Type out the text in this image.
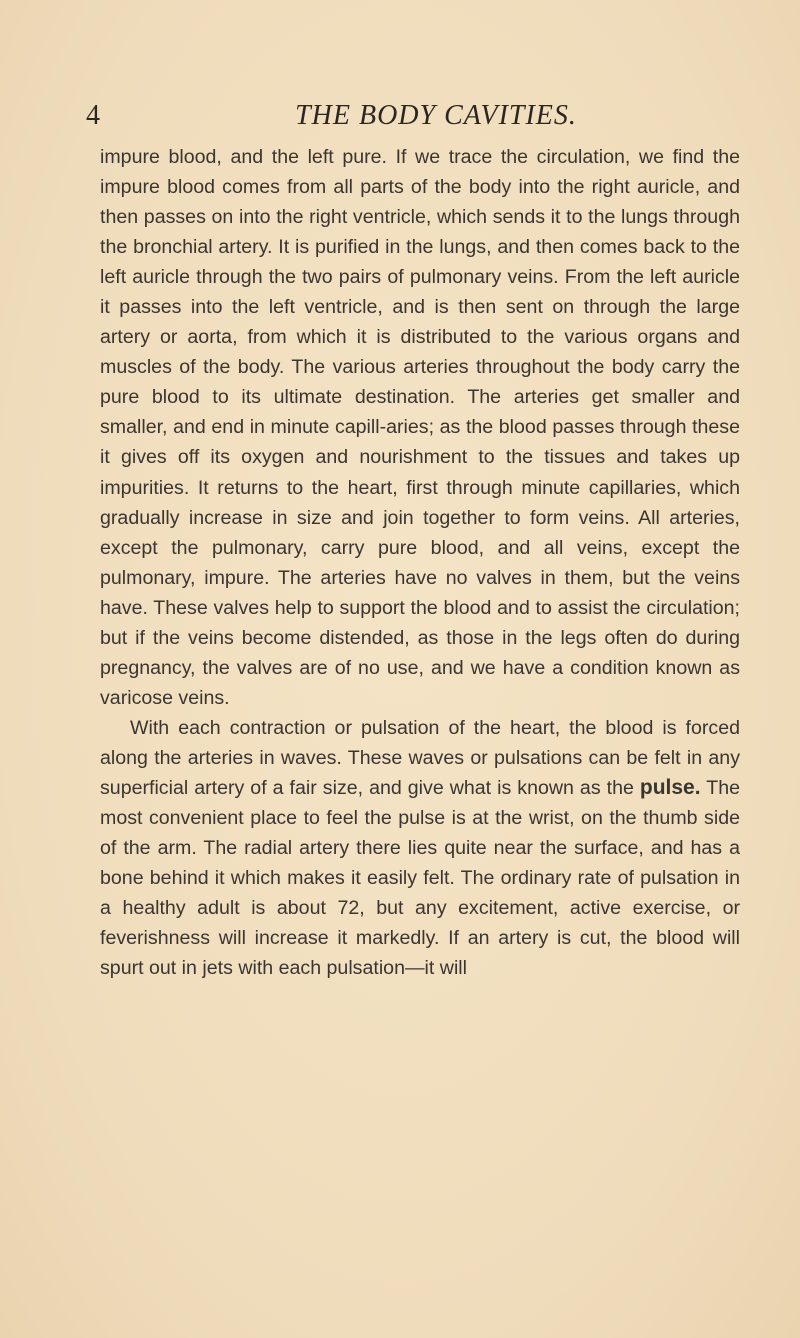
4	THE BODY CAVITIES.

impure blood, and the left pure. If we trace the circulation, we find the impure blood comes from all parts of the body into the right auricle, and then passes on into the right ventricle, which sends it to the lungs through the bronchial artery. It is purified in the lungs, and then comes back to the left auricle through the two pairs of pulmonary veins. From the left auricle it passes into the left ventricle, and is then sent on through the large artery or aorta, from which it is distributed to the various organs and muscles of the body. The various arteries throughout the body carry the pure blood to its ultimate destination. The arteries get smaller and smaller, and end in minute capill-aries; as the blood passes through these it gives off its oxygen and nourishment to the tissues and takes up impurities. It returns to the heart, first through minute capillaries, which gradually increase in size and join together to form veins. All arteries, except the pulmonary, carry pure blood, and all veins, except the pulmonary, impure. The arteries have no valves in them, but the veins have. These valves help to support the blood and to assist the circulation; but if the veins become distended, as those in the legs often do during pregnancy, the valves are of no use, and we have a condition known as varicose veins.

With each contraction or pulsation of the heart, the blood is forced along the arteries in waves. These waves or pulsations can be felt in any superficial artery of a fair size, and give what is known as the pulse. The most convenient place to feel the pulse is at the wrist, on the thumb side of the arm. The radial artery there lies quite near the surface, and has a bone behind it which makes it easily felt. The ordinary rate of pulsation in a healthy adult is about 72, but any excitement, active exercise, or feverishness will increase it markedly. If an artery is cut, the blood will spurt out in jets with each pulsation—it will
